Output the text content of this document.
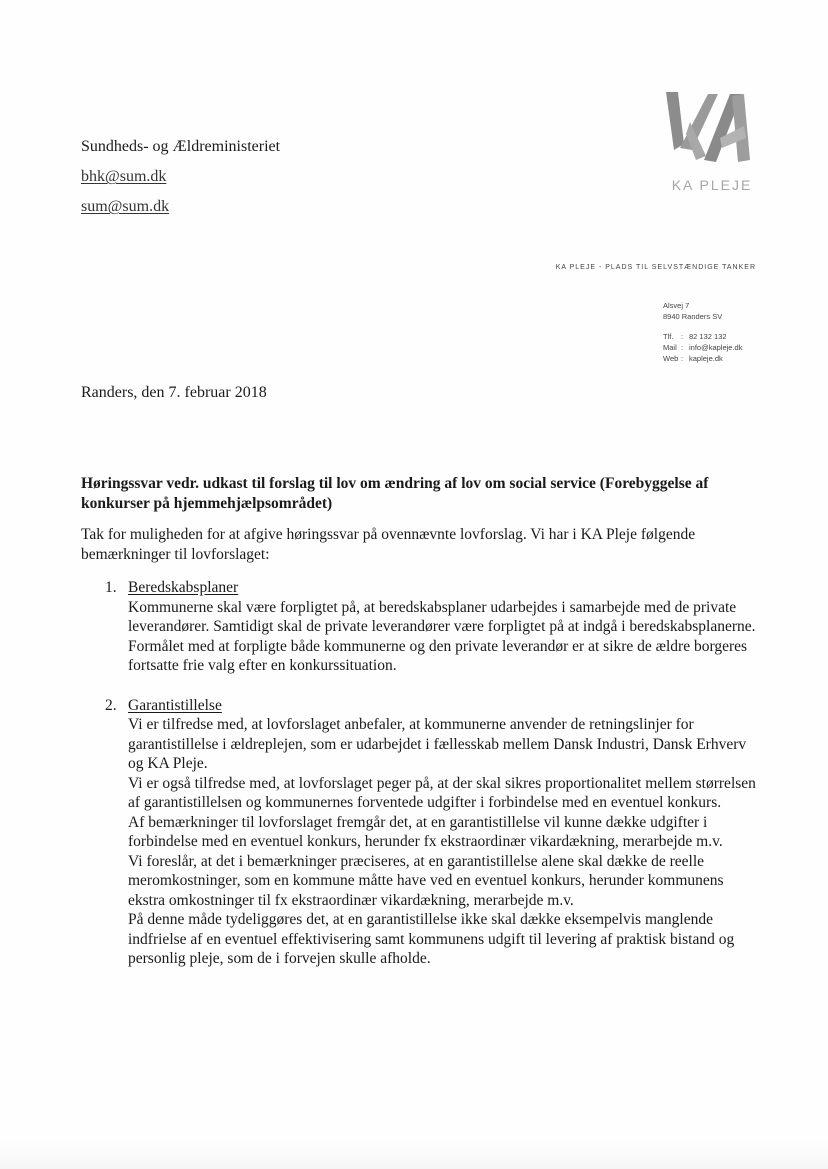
Sundheds- og Ældreministeriet
bhk@sum.dk
sum@sum.dk
KA PLEJE
KA PLEJE - PLADS TIL SELVSTÆNDIGE TANKER
Alsvej 7
8940 Randers SV
Tlf.	: 82 132 132
Mail : info@kapleje.dk
Web : kapleje.dk
Randers, den 7. februar 2018

Høringssvar vedr. udkast til forslag til lov om ændring af lov om social service (Forebyggelse af konkurser på hjemmehjælpsområdet)

Tak for muligheden for at afgive høringssvar på ovennævnte lovforslag. Vi har i KA Pleje følgende bemærkninger til lovforslaget:

1. Beredskabsplaner

Kommunerne skal være forpligtet på, at beredskabsplaner udarbejdes i samarbejde med de private leverandører. Samtidigt skal de private leverandører være forpligtet på at indgå i beredskabsplanerne.

Formålet med at forpligte både kommunerne og den private leverandør er at sikre de ældre borgeres fortsatte frie valg efter en konkurssituation.

2. Garantistillelse

Vi er tilfredse med, at lovforslaget anbefaler, at kommunerne anvender de retningslinjer for garantistillelse i ældreplejen, som er udarbejdet i fællesskab mellem Dansk Industri, Dansk Erhverv og KA Pleje.

Vi er også tilfredse med, at lovforslaget peger på, at der skal sikres proportionalitet mellem størrelsen af garantistillelsen og kommunernes forventede udgifter i forbindelse med en eventuel konkurs.

Af bemærkninger til lovforslaget fremgår det, at en garantistillelse vil kunne dække udgifter i forbindelse med en eventuel konkurs, herunder fx ekstraordinær vikardækning, merarbejde m.v.

Vi foreslår, at det i bemærkninger præciseres, at en garantistillelse alene skal dække de reelle meromkostninger, som en kommune måtte have ved en eventuel konkurs, herunder kommunens ekstra omkostninger til fx ekstraordinær vikardækning, merarbejde m.v.

På denne måde tydeliggøres det, at en garantistillelse ikke skal dække eksempelvis manglende indfrielse af en eventuel effektivisering samt kommunens udgift til levering af praktisk bistand og personlig pleje, som de i forvejen skulle afholde.
